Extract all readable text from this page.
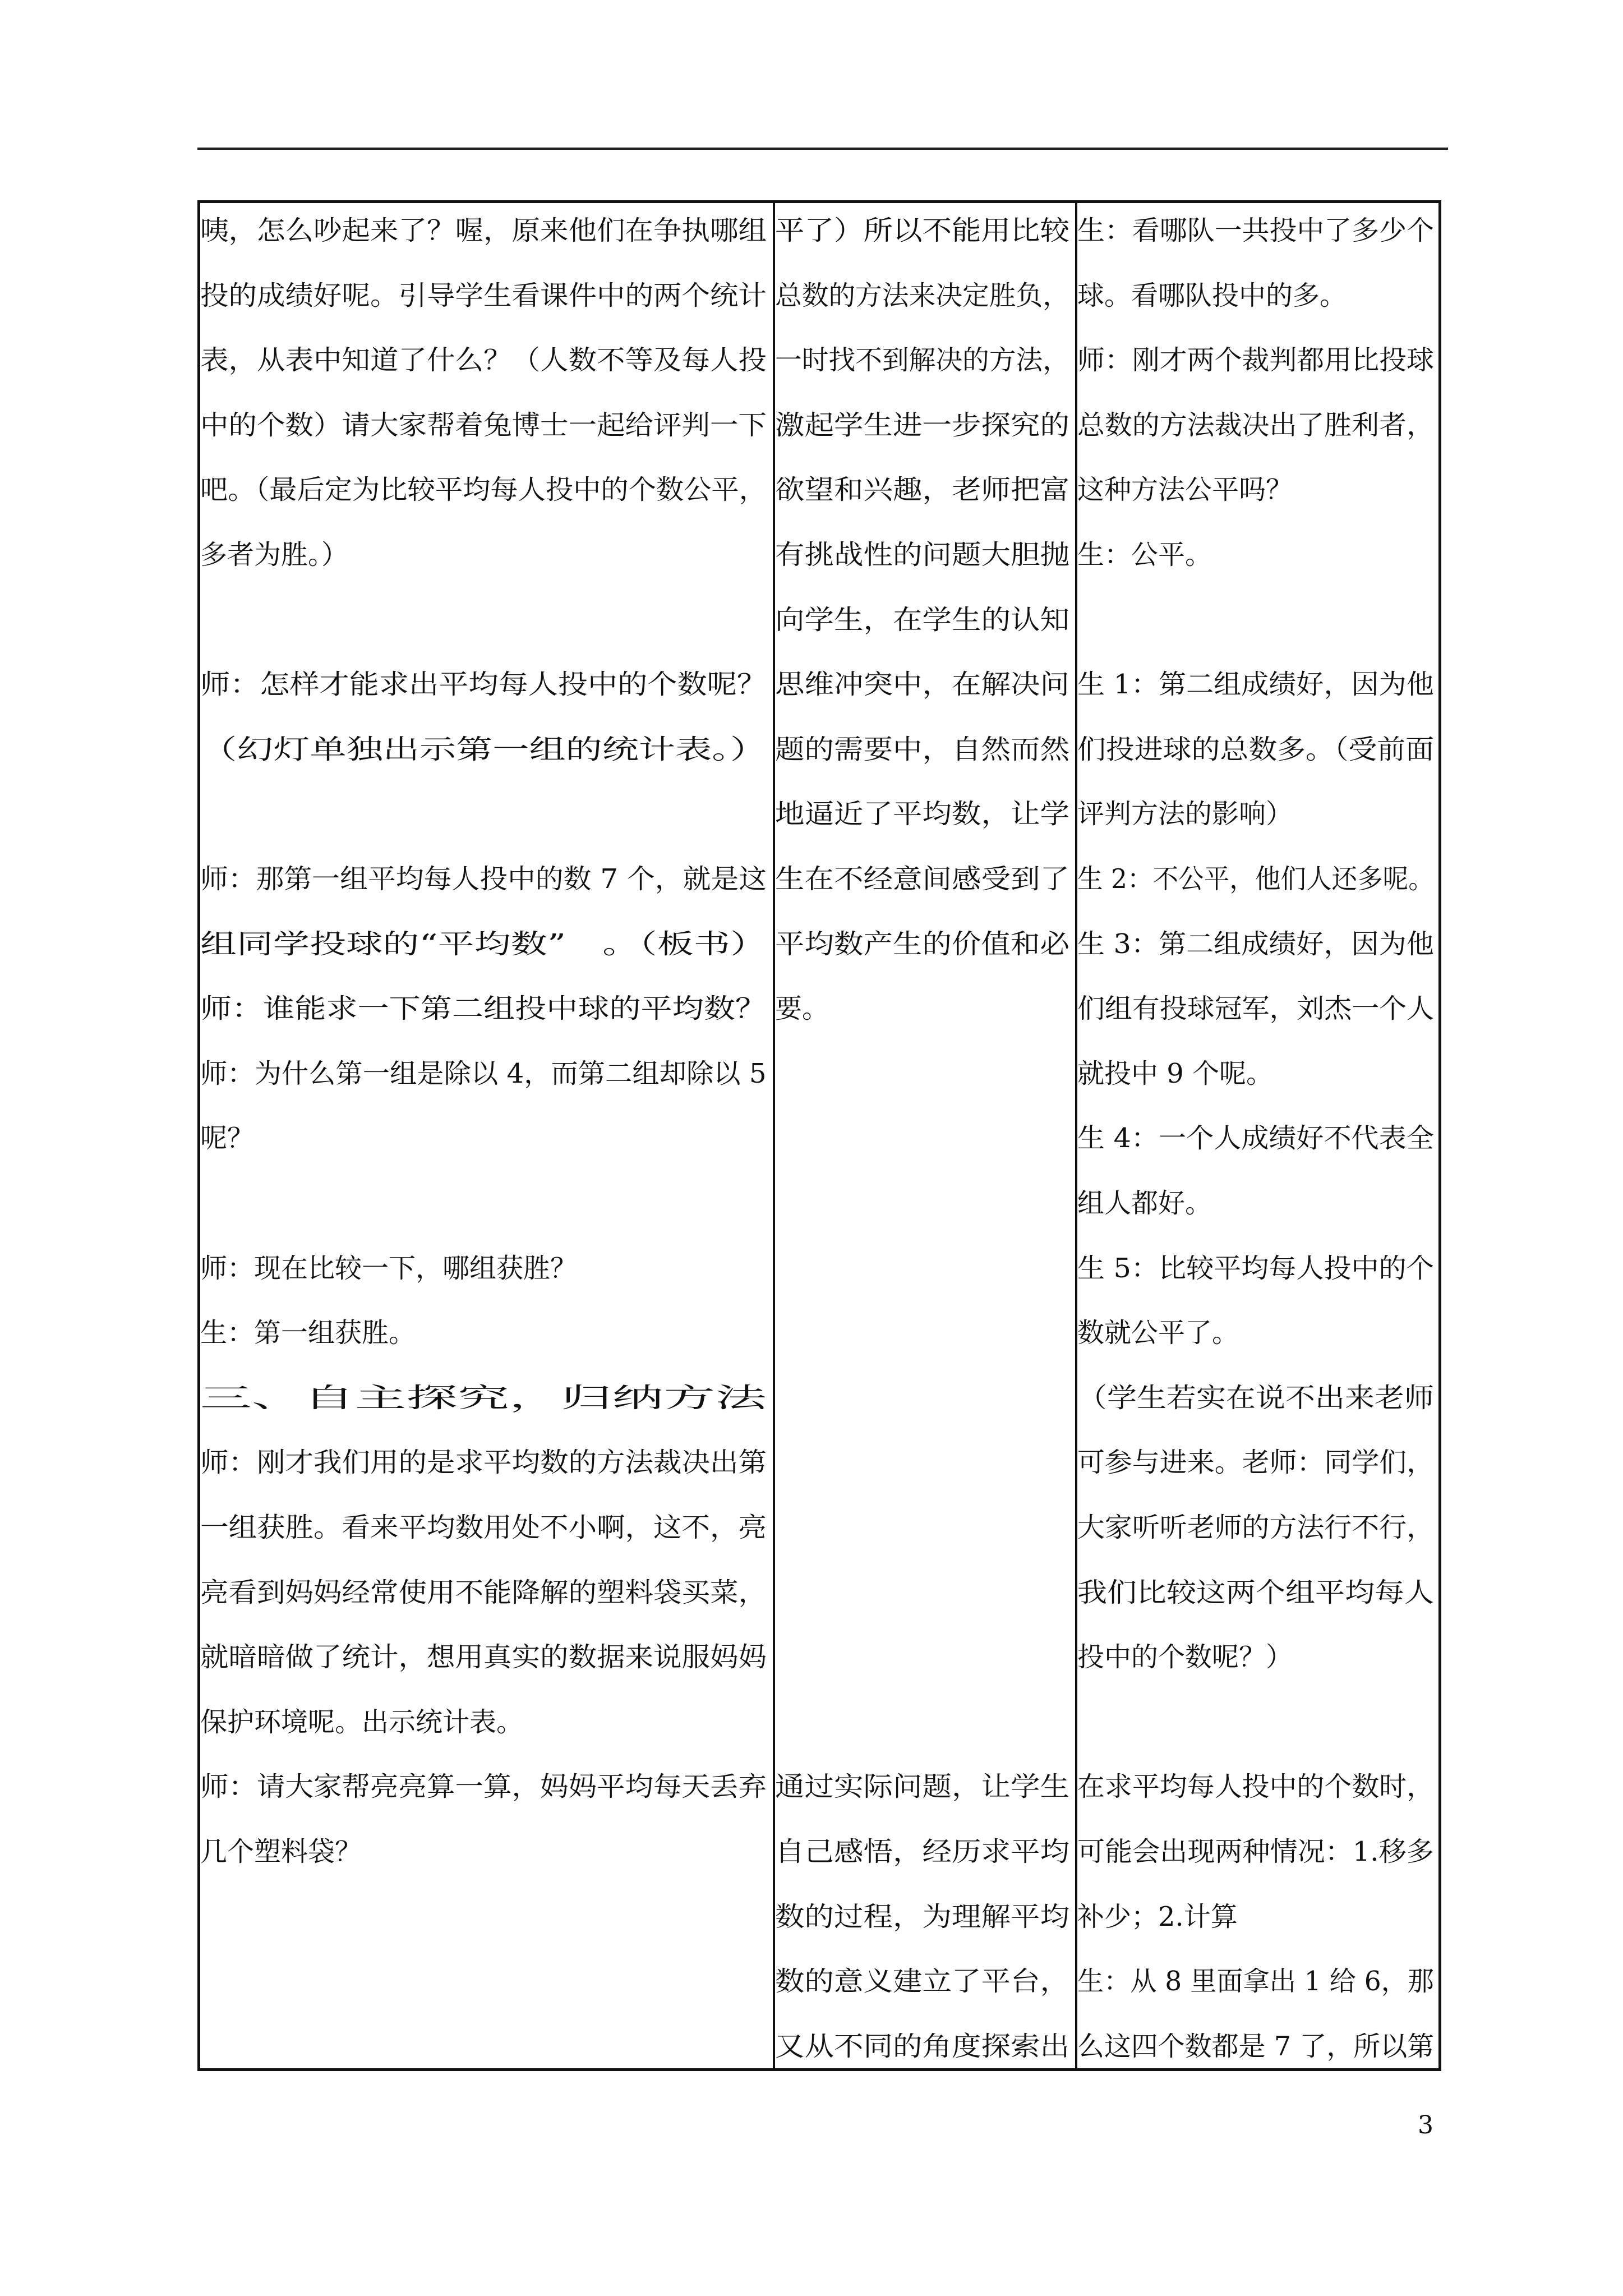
咦，怎么吵起来了？喔，原来他们在争执哪组
投的成绩好呢。引导学生看课件中的两个统计
表，从表中知道了什么？（人数不等及每人投
中的个数）请大家帮着兔博士一起给评判一下
吧。（最后定为比较平均每人投中的个数公平，
多者为胜。）
师：怎样才能求出平均每人投中的个数呢？
（幻灯单独出示第一组的统计表。）
师：那第一组平均每人投中的数 7 个，就是这
组同学投球的“平均数”　。（板书）
师：谁能求一下第二组投中球的平均数？
师：为什么第一组是除以 4，而第二组却除以 5
呢？
师：现在比较一下，哪组获胜？
生：第一组获胜。
三、自主探究，归纳方法
师：刚才我们用的是求平均数的方法裁决出第
一组获胜。看来平均数用处不小啊，这不，亮
亮看到妈妈经常使用不能降解的塑料袋买菜，
就暗暗做了统计，想用真实的数据来说服妈妈
保护环境呢。出示统计表。
师：请大家帮亮亮算一算，妈妈平均每天丢弃
几个塑料袋？
平了）所以不能用比较
总数的方法来决定胜负，
一时找不到解决的方法，
激起学生进一步探究的
欲望和兴趣，老师把富
有挑战性的问题大胆抛
向学生，在学生的认知
思维冲突中，在解决问
题的需要中，自然而然
地逼近了平均数，让学
生在不经意间感受到了
平均数产生的价值和必
要。
通过实际问题，让学生
自己感悟，经历求平均
数的过程，为理解平均
数的意义建立了平台，
又从不同的角度探索出
生：看哪队一共投中了多少个
球。看哪队投中的多。
师：刚才两个裁判都用比投球
总数的方法裁决出了胜利者，
这种方法公平吗？
生：公平。
生 1：第二组成绩好，因为他
们投进球的总数多。（受前面
评判方法的影响）
生 2：不公平，他们人还多呢。
生 3：第二组成绩好，因为他
们组有投球冠军，刘杰一个人
就投中 9 个呢。
生 4：一个人成绩好不代表全
组人都好。
生 5：比较平均每人投中的个
数就公平了。
（学生若实在说不出来老师
可参与进来。老师：同学们，
大家听听老师的方法行不行，
我们比较这两个组平均每人
投中的个数呢？）
在求平均每人投中的个数时，
可能会出现两种情况：1.移多
补少；2.计算
生：从 8 里面拿出 1 给 6，那
么这四个数都是 7 了，所以第
3
